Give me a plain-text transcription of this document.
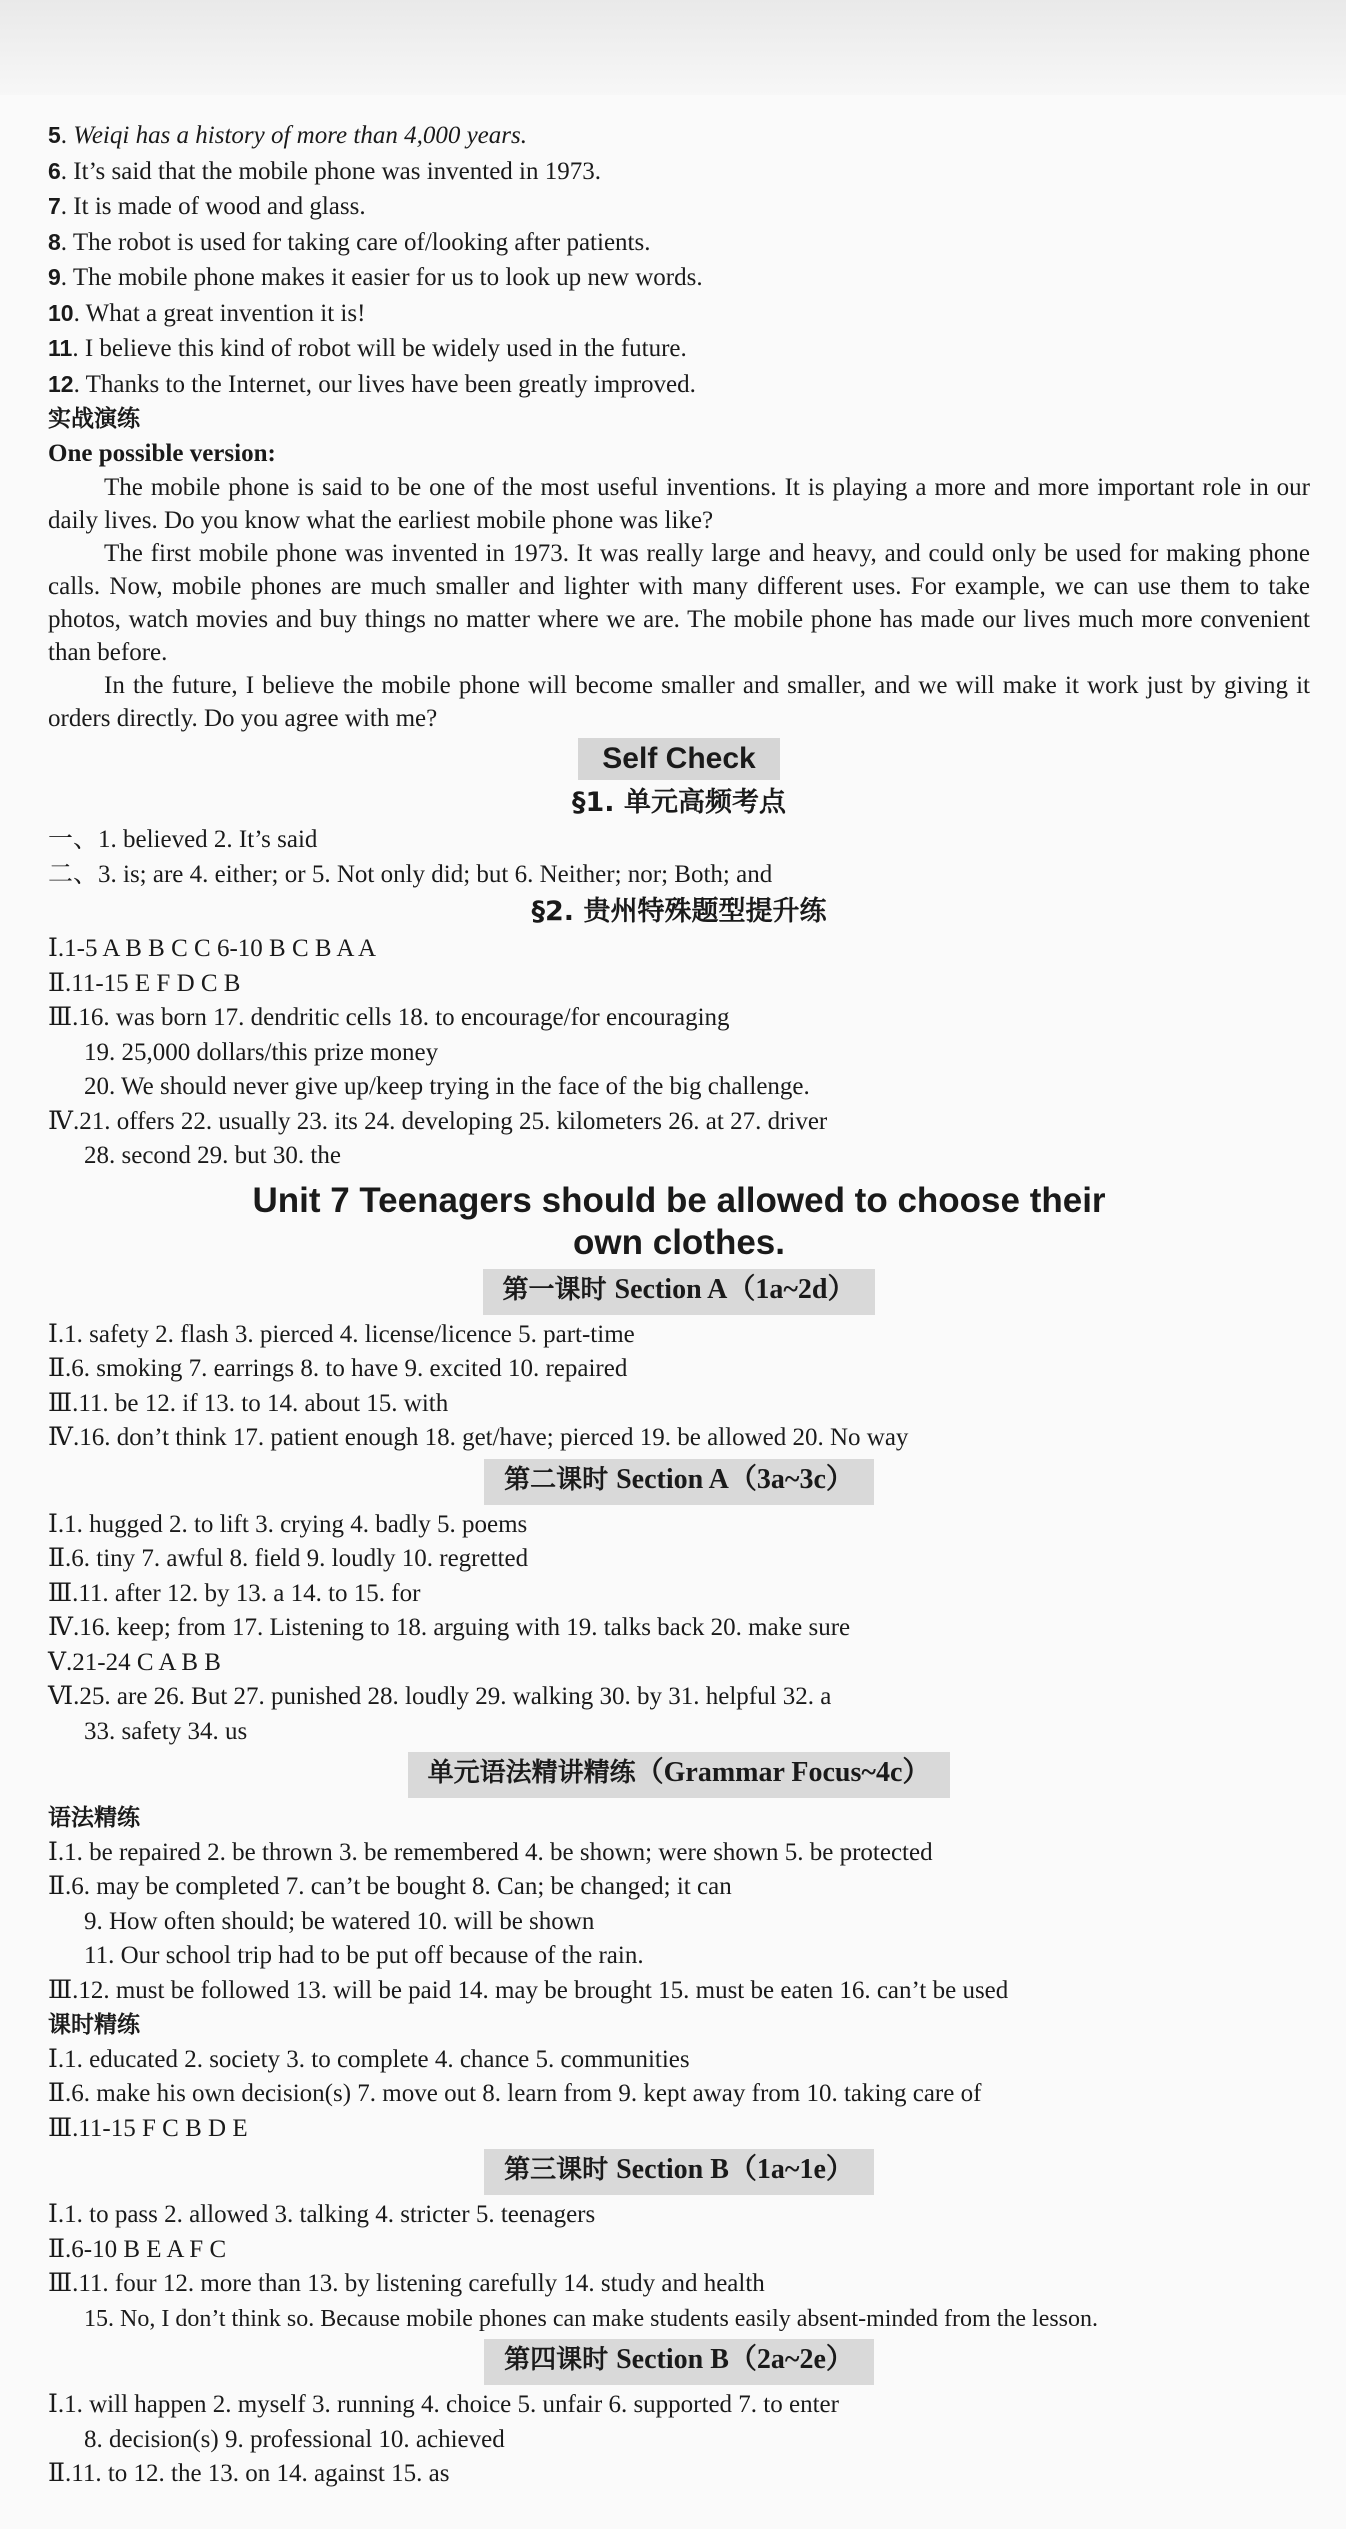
5. Weiqi has a history of more than 4,000 years.
6. It’s said that the mobile phone was invented in 1973.
7. It is made of wood and glass.
8. The robot is used for taking care of/looking after patients.
9. The mobile phone makes it easier for us to look up new words.
10. What a great invention it is!
11. I believe this kind of robot will be widely used in the future.
12. Thanks to the Internet, our lives have been greatly improved.
实战演练
One possible version:
The mobile phone is said to be one of the most useful inventions. It is playing a more and more important role in our daily lives. Do you know what the earliest mobile phone was like?
The first mobile phone was invented in 1973. It was really large and heavy, and could only be used for making phone calls. Now, mobile phones are much smaller and lighter with many different uses. For example, we can use them to take photos, watch movies and buy things no matter where we are. The mobile phone has made our lives much more convenient than before.
In the future, I believe the mobile phone will become smaller and smaller, and we will make it work just by giving it orders directly. Do you agree with me?
Self Check
§1. 单元高频考点
一、1. believed 2. It’s said
二、3. is; are 4. either; or 5. Not only did; but 6. Neither; nor; Both; and
§2. 贵州特殊题型提升练
Ⅰ.1-5 A B B C C 6-10 B C B A A
Ⅱ.11-15 E F D C B
Ⅲ.16. was born 17. dendritic cells 18. to encourage/for encouraging
19. 25,000 dollars/this prize money
20. We should never give up/keep trying in the face of the big challenge.
Ⅳ.21. offers 22. usually 23. its 24. developing 25. kilometers 26. at 27. driver
28. second 29. but 30. the
Unit 7 Teenagers should be allowed to choose their
own clothes.
第一课时 Section A（1a~2d）
Ⅰ.1. safety 2. flash 3. pierced 4. license/licence 5. part-time
Ⅱ.6. smoking 7. earrings 8. to have 9. excited 10. repaired
Ⅲ.11. be 12. if 13. to 14. about 15. with
Ⅳ.16. don’t think 17. patient enough 18. get/have; pierced 19. be allowed 20. No way
第二课时 Section A（3a~3c）
Ⅰ.1. hugged 2. to lift 3. crying 4. badly 5. poems
Ⅱ.6. tiny 7. awful 8. field 9. loudly 10. regretted
Ⅲ.11. after 12. by 13. a 14. to 15. for
Ⅳ.16. keep; from 17. Listening to 18. arguing with 19. talks back 20. make sure
Ⅴ.21-24 C A B B
Ⅵ.25. are 26. But 27. punished 28. loudly 29. walking 30. by 31. helpful 32. a
33. safety 34. us
单元语法精讲精练（Grammar Focus~4c）
语法精练
Ⅰ.1. be repaired 2. be thrown 3. be remembered 4. be shown; were shown 5. be protected
Ⅱ.6. may be completed 7. can’t be bought 8. Can; be changed; it can
9. How often should; be watered 10. will be shown
11. Our school trip had to be put off because of the rain.
Ⅲ.12. must be followed 13. will be paid 14. may be brought 15. must be eaten 16. can’t be used
课时精练
Ⅰ.1. educated 2. society 3. to complete 4. chance 5. communities
Ⅱ.6. make his own decision(s) 7. move out 8. learn from 9. kept away from 10. taking care of
Ⅲ.11-15 F C B D E
第三课时 Section B（1a~1e）
Ⅰ.1. to pass 2. allowed 3. talking 4. stricter 5. teenagers
Ⅱ.6-10 B E A F C
Ⅲ.11. four 12. more than 13. by listening carefully 14. study and health
15. No, I don’t think so. Because mobile phones can make students easily absent-minded from the lesson.
第四课时 Section B（2a~2e）
Ⅰ.1. will happen 2. myself 3. running 4. choice 5. unfair 6. supported 7. to enter
8. decision(s) 9. professional 10. achieved
Ⅱ.11. to 12. the 13. on 14. against 15. as
